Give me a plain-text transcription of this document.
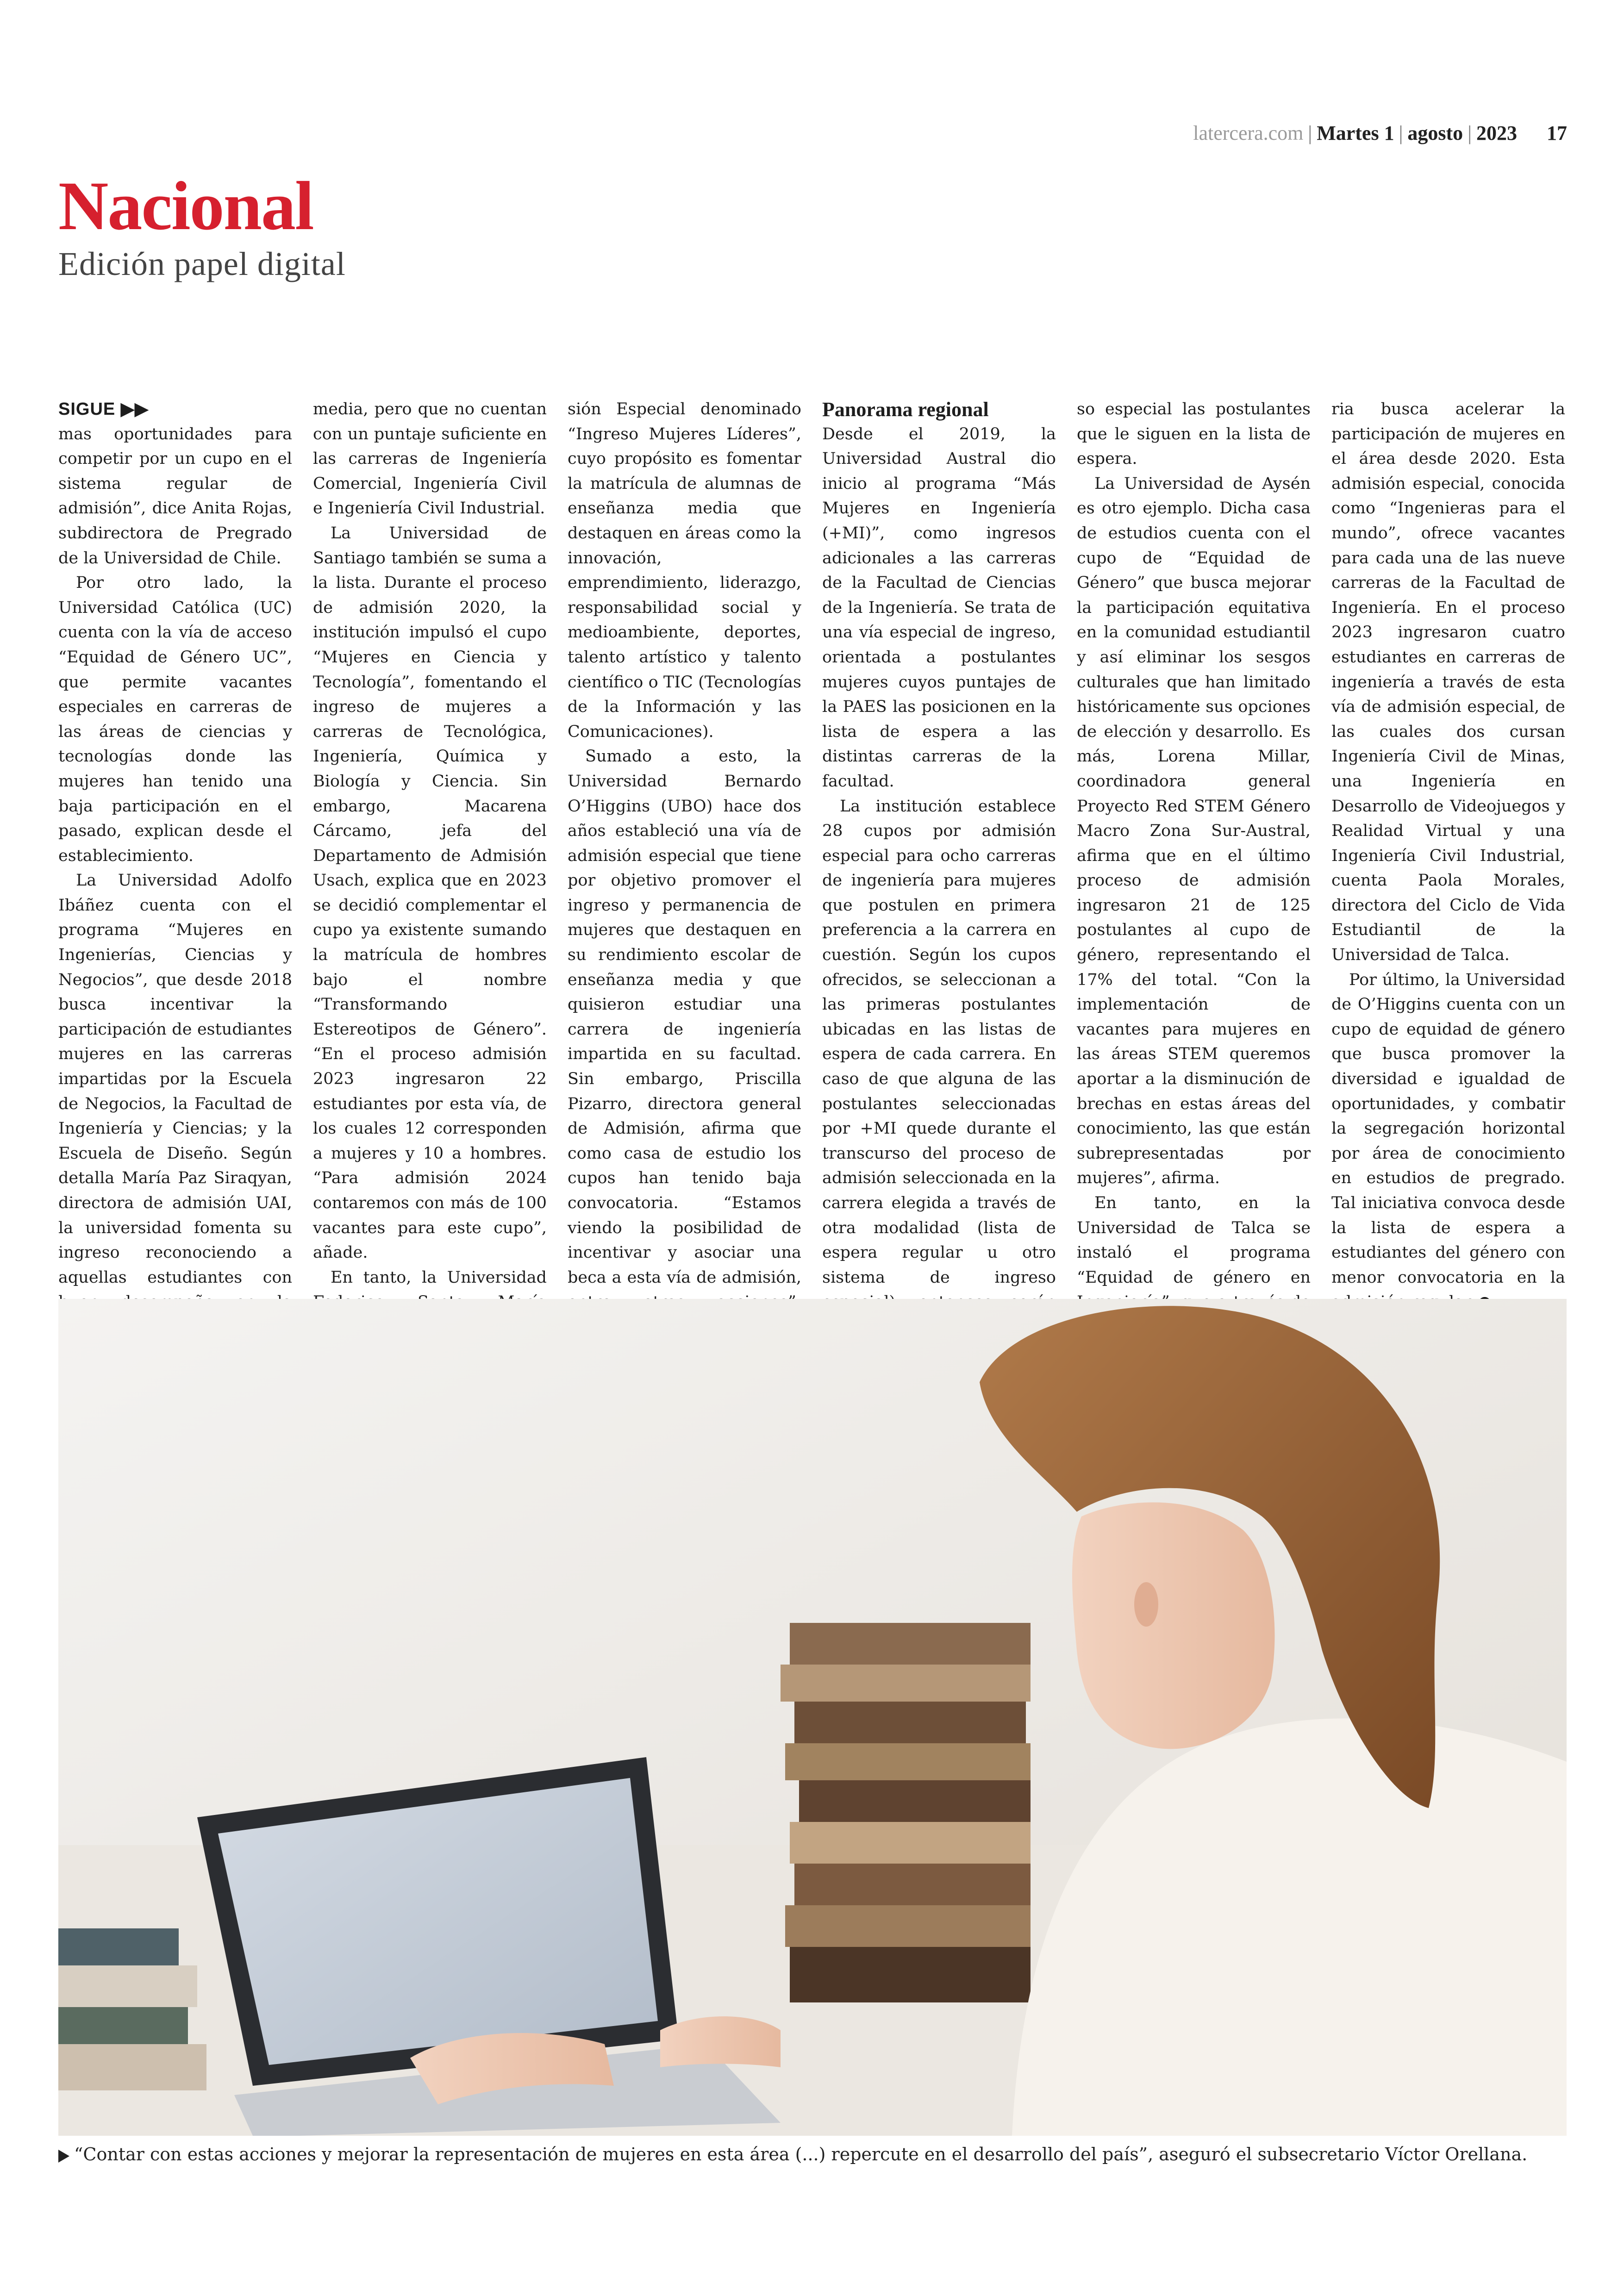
latercera.com | Martes 1 | agosto | 2023 17
Nacional
Edición papel digital

SIGUE ▶▶

mas oportunidades para competir por un cupo en el sistema regular de admisión”, dice Anita Rojas, subdirectora de Pregrado de la Universidad de Chile.

Por otro lado, la Universidad Católica (UC) cuenta con la vía de acceso “Equidad de Género UC”, que permite vacantes especiales en carreras de las áreas de ciencias y tecnologías donde las mujeres han tenido una baja participación en el pasado, explican desde el establecimiento.

La Universidad Adolfo Ibáñez cuenta con el programa “Mujeres en Ingenierías, Ciencias y Negocios”, que desde 2018 busca incentivar la participación de estudiantes mujeres en las carreras impartidas por la Escuela de Negocios, la Facultad de Ingeniería y Ciencias; y la Escuela de Diseño. Según detalla María Paz Siraqyan, directora de admisión UAI, la universidad fomenta su ingreso reconociendo a aquellas estudiantes con

media, pero que no cuentan con un puntaje suficiente en las carreras de Ingeniería Comercial, Ingeniería Civil e Ingeniería Civil Industrial.

La Universidad de Santiago también se suma a la lista. Durante el proceso de admisión 2020, la institución impulsó el cupo “Mujeres en Ciencia y Tecnología”, fomentando el ingreso de mujeres a carreras de Tecnológica, Ingeniería, Química y Biología y Ciencia. Sin embargo, Macarena Cárcamo, jefa del Departamento de Admisión Usach, explica que en 2023 se decidió complementar el cupo ya existente sumando la matrícula de hombres bajo el nombre “Transformando Estereotipos de Género”. “En el proceso admisión 2023 ingresaron 22 estudiantes por esta vía, de los cuales 12 corresponden a mujeres y 10 a hombres. “Para admisión 2024 contaremos con más de 100 vacantes para este cupo”, añade.

En tanto, la Universidad

sión Especial denominado “Ingreso Mujeres Líderes”, cuyo propósito es fomentar la matrícula de alumnas de enseñanza media que destaquen en áreas como la innovación, emprendimiento, liderazgo, responsabilidad social y medioambiente, deportes, talento artístico y talento científico o TIC (Tecnologías de la Información y las Comunicaciones).

Sumado a esto, la Universidad Bernardo O’Higgins (UBO) hace dos años estableció una vía de admisión especial que tiene por objetivo promover el ingreso y permanencia de mujeres que destaquen en su rendimiento escolar de enseñanza media y que quisieron estudiar una carrera de ingeniería impartida en su facultad. Sin embargo, Priscilla Pizarro, directora general de Admisión, afirma que como casa de estudio los cupos han tenido baja convocatoria. “Estamos viendo la posibilidad de incentivar y asociar una beca a esta vía de admisión,

Panorama regional

Desde el 2019, la Universidad Austral dio inicio al programa “Más Mujeres en Ingeniería (+MI)”, como ingresos adicionales a las carreras de la Facultad de Ciencias de la Ingeniería. Se trata de una vía especial de ingreso, orientada a postulantes mujeres cuyos puntajes de la PAES las posicionen en la lista de espera a las distintas carreras de la facultad.

La institución establece 28 cupos por admisión especial para ocho carreras de ingeniería para mujeres que postulen en primera preferencia a la carrera en cuestión. Según los cupos ofrecidos, se seleccionan a las primeras postulantes ubicadas en las listas de espera de cada carrera. En caso de que alguna de las postulantes seleccionadas por +MI quede durante el transcurso del proceso de admisión seleccionada en la carrera elegida a través de otra modalidad (lista de espera regular u otro sistema de ingreso

so especial las postulantes que le siguen en la lista de espera.

La Universidad de Aysén es otro ejemplo. Dicha casa de estudios cuenta con el cupo de “Equidad de Género” que busca mejorar la participación equitativa en la comunidad estudiantil y así eliminar los sesgos culturales que han limitado históricamente sus opciones de elección y desarrollo. Es más, Lorena Millar, coordinadora general Proyecto Red STEM Género Macro Zona Sur-Austral, afirma que en el último proceso de admisión ingresaron 21 de 125 postulantes al cupo de género, representando el 17% del total. “Con la implementación de vacantes para mujeres en las áreas STEM queremos aportar a la disminución de brechas en estas áreas del conocimiento, las que están subrepresentadas por mujeres”, afirma.

En tanto, en la Universidad de Talca se instaló el programa “Equidad de género en

ria busca acelerar la participación de mujeres en el área desde 2020. Esta admisión especial, conocida como “Ingenieras para el mundo”, ofrece vacantes para cada una de las nueve carreras de la Facultad de Ingeniería. En el proceso 2023 ingresaron cuatro estudiantes en carreras de ingeniería a través de esta vía de admisión especial, de las cuales dos cursan Ingeniería Civil de Minas, una Ingeniería en Desarrollo de Videojuegos y Realidad Virtual y una Ingeniería Civil Industrial, cuenta Paola Morales, directora del Ciclo de Vida Estudiantil de la Universidad de Talca.

Por último, la Universidad de O’Higgins cuenta con un cupo de equidad de género que busca promover la diversidad e igualdad de oportunidades, y combatir la segregación horizontal por área de conocimiento en estudios de pregrado. Tal iniciativa convoca desde la lista de espera a estudiantes del género con menor convocatoria en la

“Contar con estas acciones y mejorar la representación de mujeres en esta área (...) repercute en el desarrollo del país”, aseguró el subsecretario Víctor Orellana.
